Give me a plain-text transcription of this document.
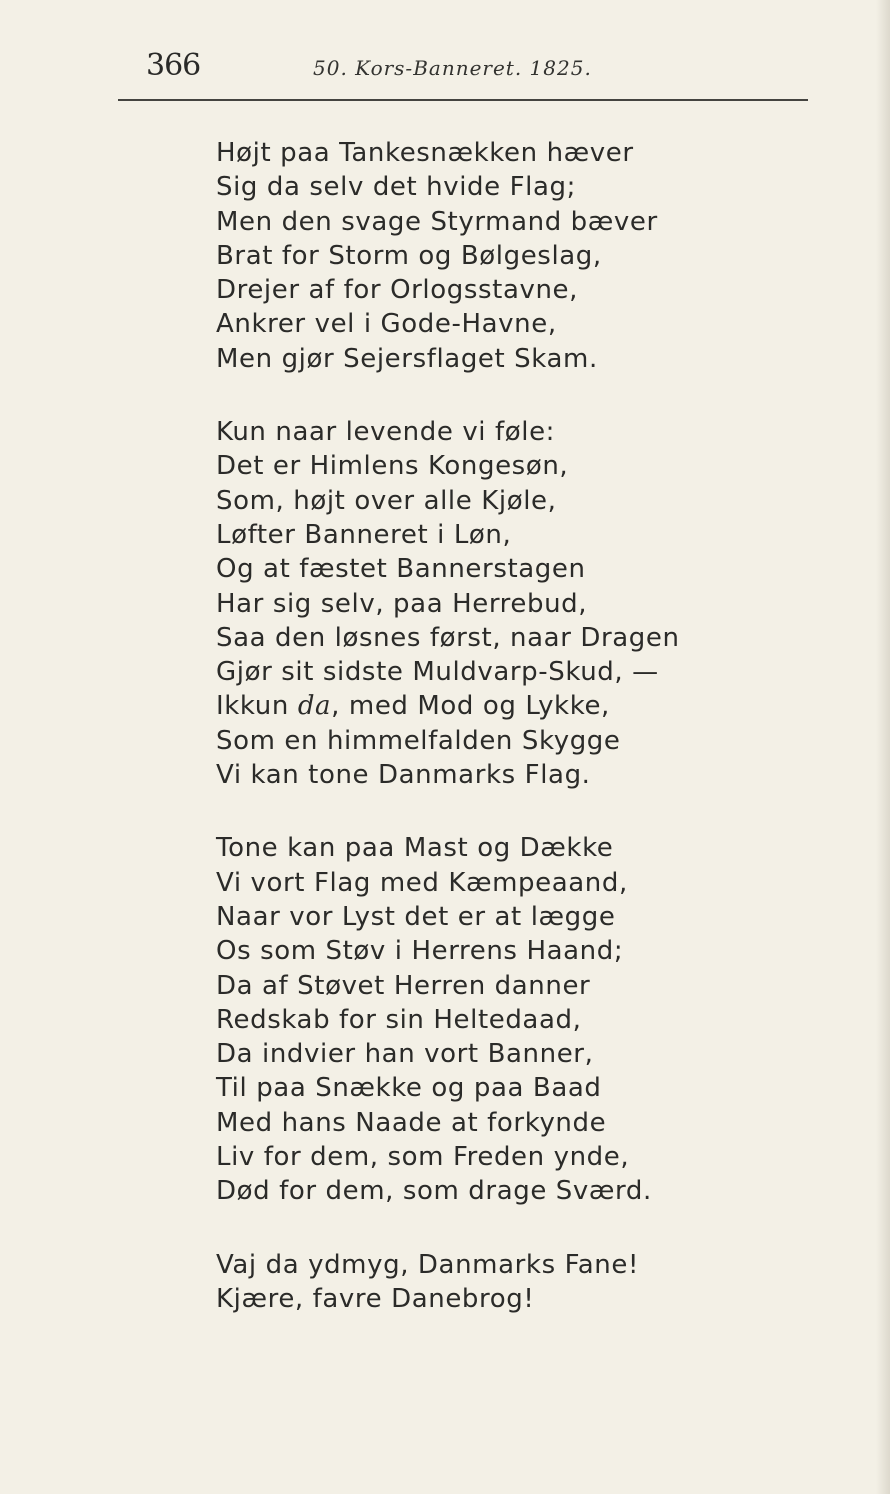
366	50. Kors-Banneret. 1825.
Højt paa Tankesnækken hæver
Sig da selv det hvide Flag;
Men den svage Styrmand bæver
Brat for Storm og Bølgeslag,
Drejer af for Orlogsstavne,
Ankrer vel i Gode-Havne,
Men gjør Sejersflaget Skam.
Kun naar levende vi føle:
Det er Himlens Kongesøn,
Som, højt over alle Kjøle,
Løfter Banneret i Løn,
Og at fæstet Bannerstagen
Har sig selv, paa Herrebud,
Saa den løsnes først, naar Dragen
Gjør sit sidste Muldvarp-Skud, —
Ikkun da, med Mod og Lykke,
Som en himmelfalden Skygge
Vi kan tone Danmarks Flag.
Tone kan paa Mast og Dække
Vi vort Flag med Kæmpeaand,
Naar vor Lyst det er at lægge
Os som Støv i Herrens Haand;
Da af Støvet Herren danner
Redskab for sin Heltedaad,
Da indvier han vort Banner,
Til paa Snække og paa Baad
Med hans Naade at forkynde
Liv for dem, som Freden ynde,
Død for dem, som drage Sværd.
Vaj da ydmyg, Danmarks Fane!
Kjære, favre Danebrog!
